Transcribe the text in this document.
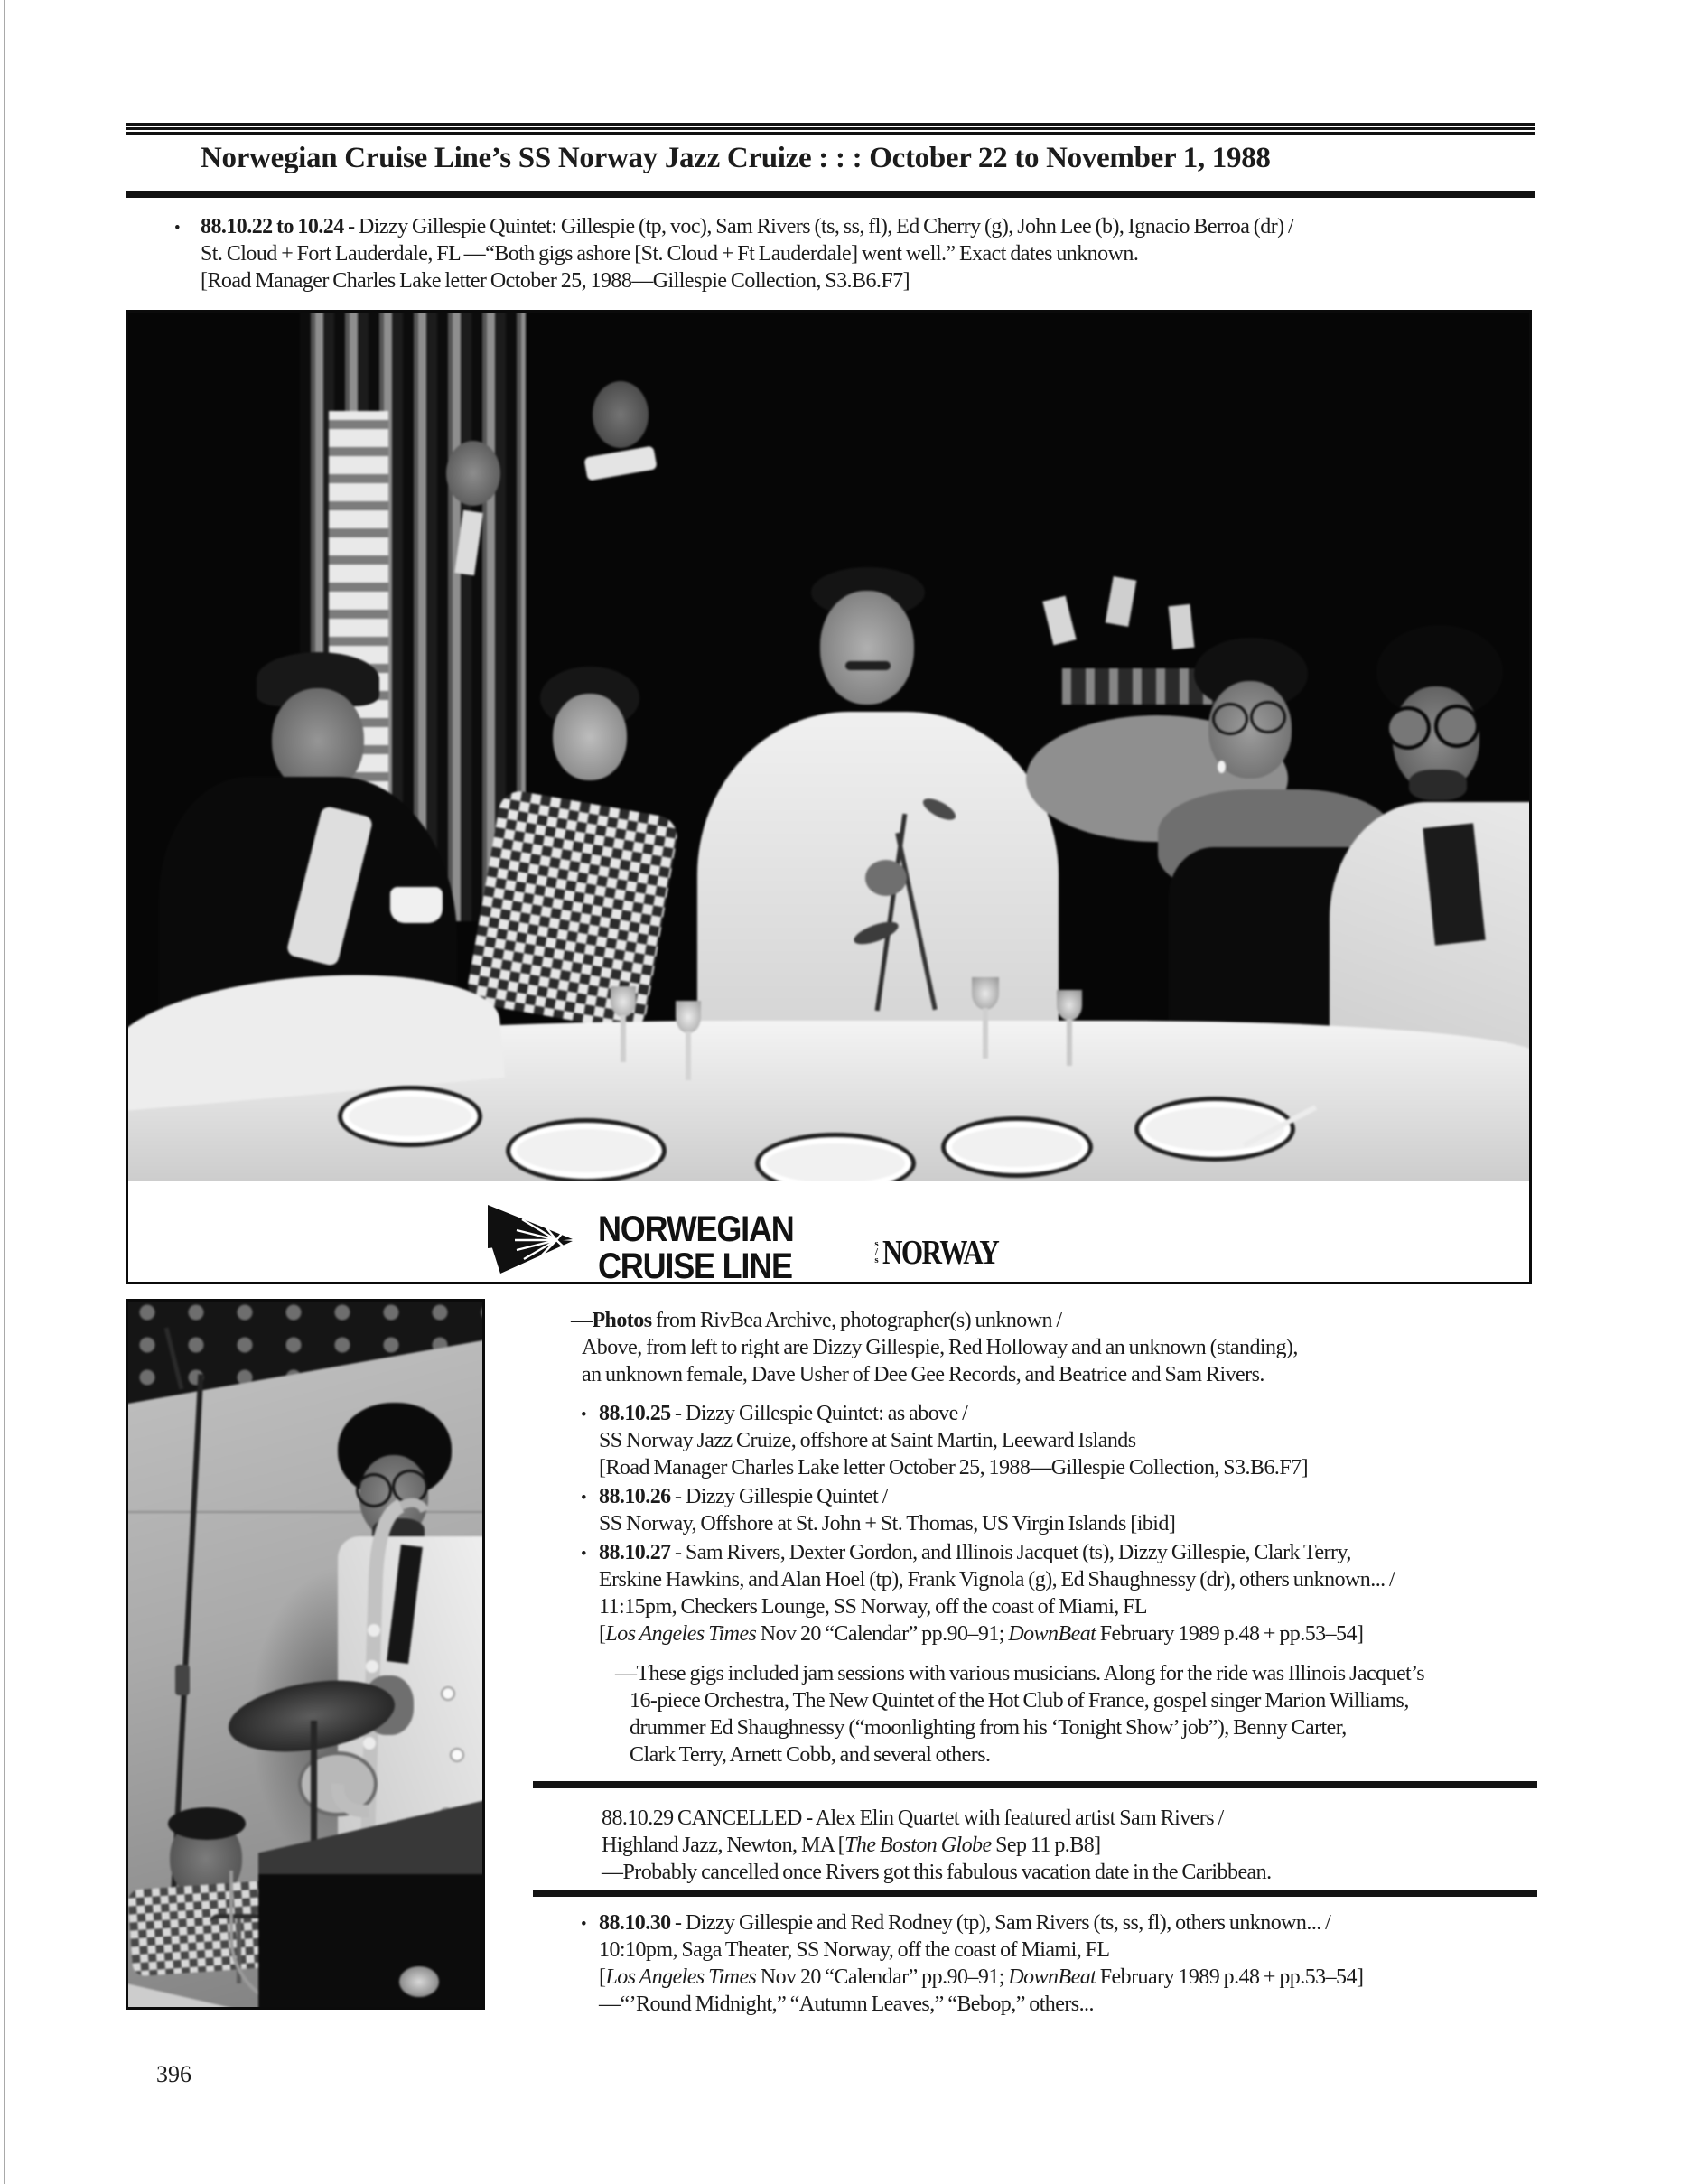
Norwegian Cruise Line’s SS Norway Jazz Cruize : : : October 22 to November 1, 1988
• 88.10.22 to 10.24 - Dizzy Gillespie Quintet: Gillespie (tp, voc), Sam Rivers (ts, ss, fl), Ed Cherry (g), John Lee (b), Ignacio Berroa (dr) /
St. Cloud + Fort Lauderdale, FL —“Both gigs ashore [St. Cloud + Ft Lauderdale] went well.” Exact dates unknown.
[Road Manager Charles Lake letter October 25, 1988—Gillespie Collection, S3.B6.F7]
NORWEGIAN
CRUISE LINE
s
/
s NORWAY
—Photos from RivBea Archive, photographer(s) unknown /
Above, from left to right are Dizzy Gillespie, Red Holloway and an unknown (standing),
an unknown female, Dave Usher of Dee Gee Records, and Beatrice and Sam Rivers.
• 88.10.25 - Dizzy Gillespie Quintet: as above /
SS Norway Jazz Cruize, offshore at Saint Martin, Leeward Islands
[Road Manager Charles Lake letter October 25, 1988—Gillespie Collection, S3.B6.F7]
• 88.10.26 - Dizzy Gillespie Quintet /
SS Norway, Offshore at St. John + St. Thomas, US Virgin Islands [ibid]
• 88.10.27 - Sam Rivers, Dexter Gordon, and Illinois Jacquet (ts), Dizzy Gillespie, Clark Terry,
Erskine Hawkins, and Alan Hoel (tp), Frank Vignola (g), Ed Shaughnessy (dr), others unknown... /
11:15pm, Checkers Lounge, SS Norway, off the coast of Miami, FL
[Los Angeles Times Nov 20 “Calendar” pp.90–91; DownBeat February 1989 p.48 + pp.53–54]
—These gigs included jam sessions with various musicians. Along for the ride was Illinois Jacquet’s
16-piece Orchestra, The New Quintet of the Hot Club of France, gospel singer Marion Williams,
drummer Ed Shaughnessy (“moonlighting from his ‘Tonight Show’ job”), Benny Carter,
Clark Terry, Arnett Cobb, and several others.
88.10.29 CANCELLED - Alex Elin Quartet with featured artist Sam Rivers /
Highland Jazz, Newton, MA [The Boston Globe Sep 11 p.B8]
—Probably cancelled once Rivers got this fabulous vacation date in the Caribbean.
• 88.10.30 - Dizzy Gillespie and Red Rodney (tp), Sam Rivers (ts, ss, fl), others unknown... /
10:10pm, Saga Theater, SS Norway, off the coast of Miami, FL
[Los Angeles Times Nov 20 “Calendar” pp.90–91; DownBeat February 1989 p.48 + pp.53–54]
—“’Round Midnight,” “Autumn Leaves,” “Bebop,” others...
396
